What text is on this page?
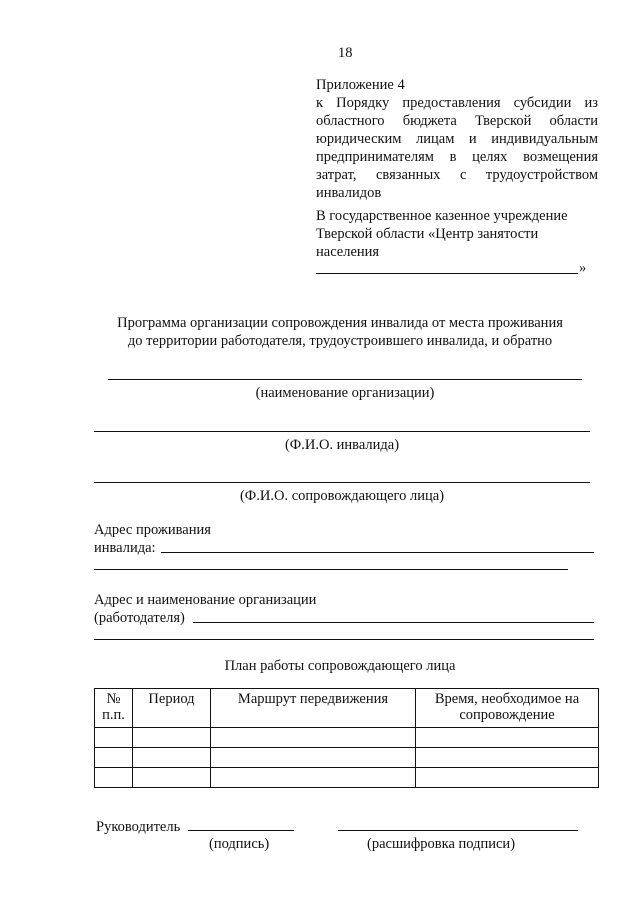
18
Приложение 4
к Порядку предоставления субсидии из областного бюджета Тверской области юридическим лицам и индивидуальным предпринимателям в целях возмещения затрат, связанных с трудоустройством инвалидов
В государственное казенное учреждение
Тверской области «Центр занятости
населения
»
Программа организации сопровождения инвалида от места проживания
до территории работодателя, трудоустроившего инвалида, и обратно
(наименование организации)
(Ф.И.О. инвалида)
(Ф.И.О. сопровождающего лица)
Адрес проживания
инвалида:
Адрес и наименование организации
(работодателя)
План работы сопровождающего лица
№
п.п.	Период	Маршрут передвижения	Время, необходимое на сопровождение

Руководитель
(подпись)	(расшифровка подписи)
